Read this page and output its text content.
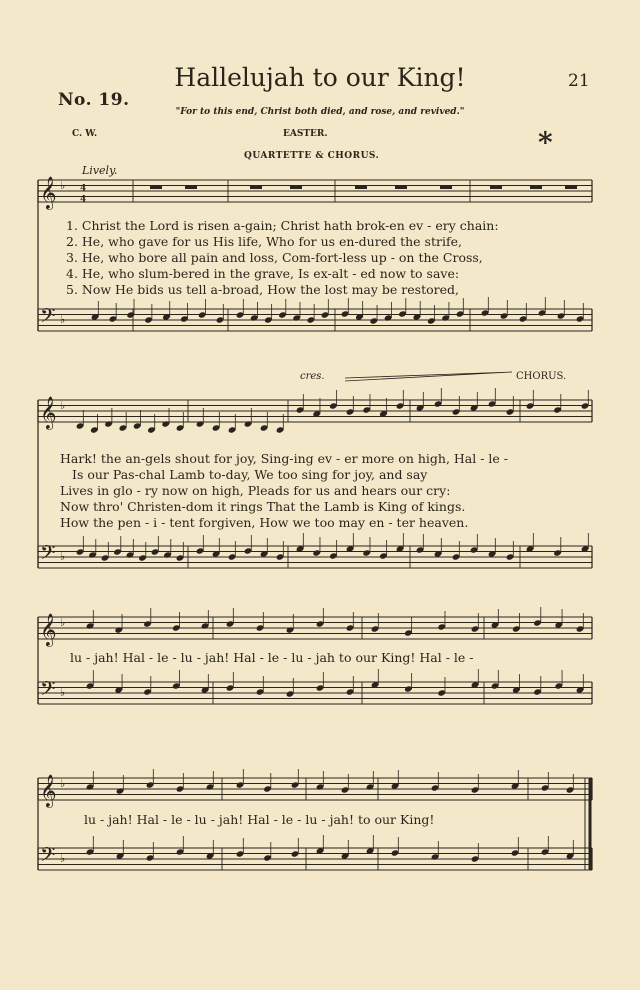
No. 19.
Hallelujah to our King!	21
"For to this end, Christ both died, and rose, and revived."
C. W.	EASTER.
QUARTETTE & CHORUS.	*
Lively.
cres.	CHORUS.
𝄞 ♭ 4
4
𝄢 ♭
𝄞 ♭
𝄢 ♭
𝄞 ♭
𝄢 ♭
𝄞 ♭
𝄢 ♭
1. Christ the Lord is risen a-gain; Christ hath brok-en ev - ery chain:
2. He, who gave for us His life, Who for us en-dured the strife,
3. He, who bore all pain and loss, Com-fort-less up - on the Cross,
4. He, who slum-bered in the grave, Is ex-alt - ed now to save:
5. Now He bids us tell a-broad, How the lost may be restored,
Hark! the an-gels shout for joy, Sing-ing ev - er more on high, Hal - le -
Is our Pas-chal Lamb to-day, We too sing for joy, and say
Lives in glo - ry now on high, Pleads for us and hears our cry:
Now thro' Christen-dom it rings That the Lamb is King of kings.
How the pen - i - tent forgiven, How we too may en - ter heaven.
lu - jah! Hal - le - lu - jah! Hal - le - lu - jah to our King! Hal - le -
lu - jah! Hal - le - lu - jah! Hal - le - lu - jah! to our King!
